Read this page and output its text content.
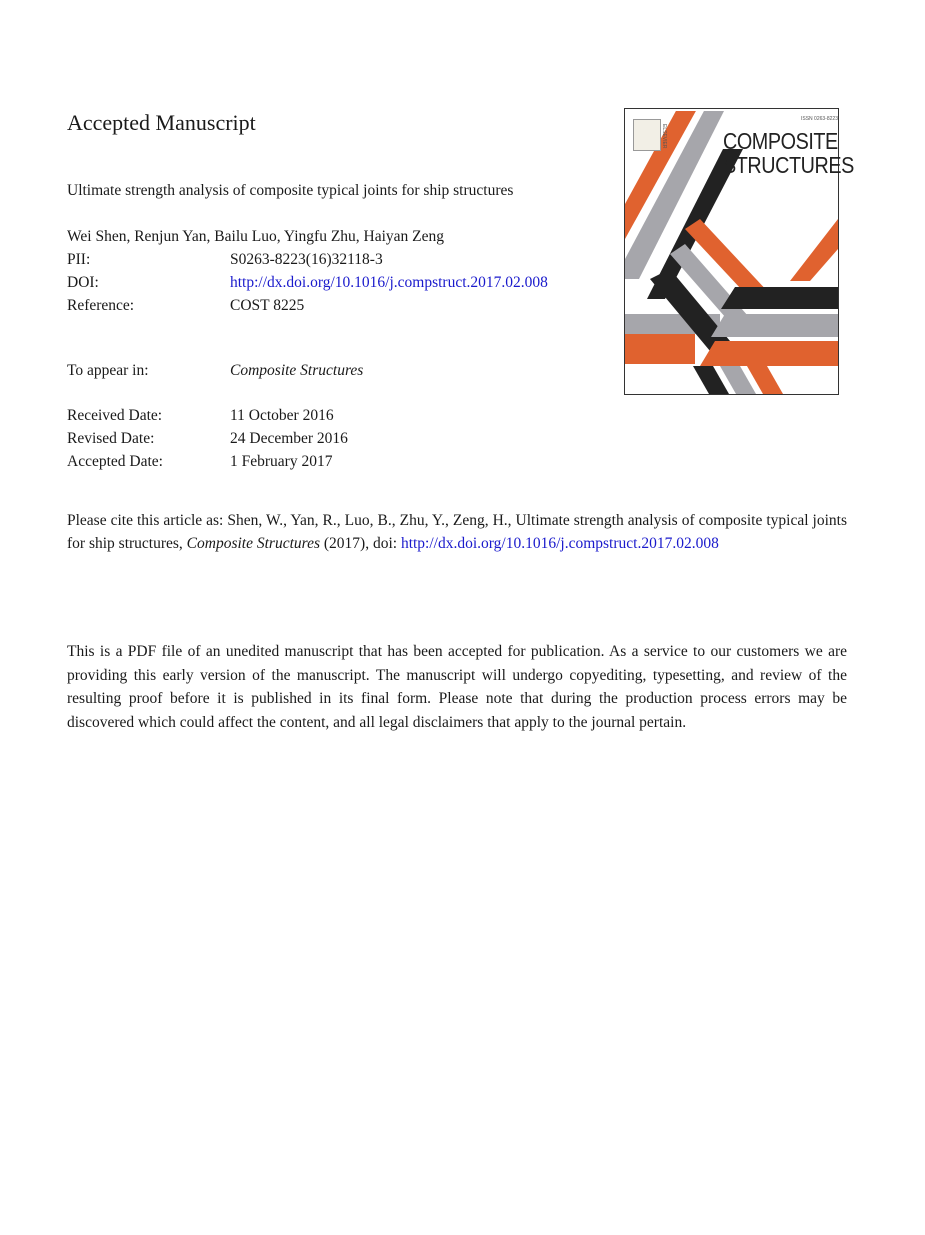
Accepted Manuscript
Ultimate strength analysis of composite typical joints for ship structures
Wei Shen, Renjun Yan, Bailu Luo, Yingfu Zhu, Haiyan Zeng
PII:	S0263-8223(16)32118-3
DOI:	http://dx.doi.org/10.1016/j.compstruct.2017.02.008
Reference:	COST 8225
To appear in:	Composite Structures
Received Date:	11 October 2016
Revised Date:	24 December 2016
Accepted Date:	1 February 2017
Please cite this article as: Shen, W., Yan, R., Luo, B., Zhu, Y., Zeng, H., Ultimate strength analysis of composite typical joints for ship structures, Composite Structures (2017), doi: http://dx.doi.org/10.1016/j.compstruct.2017.02.008
This is a PDF file of an unedited manuscript that has been accepted for publication. As a service to our customers we are providing this early version of the manuscript. The manuscript will undergo copyediting, typesetting, and review of the resulting proof before it is published in its final form. Please note that during the production process errors may be discovered which could affect the content, and all legal disclaimers that apply to the journal pertain.
ELSEVIER
ISSN 0263-8223
COMPOSITE
STRUCTURES
